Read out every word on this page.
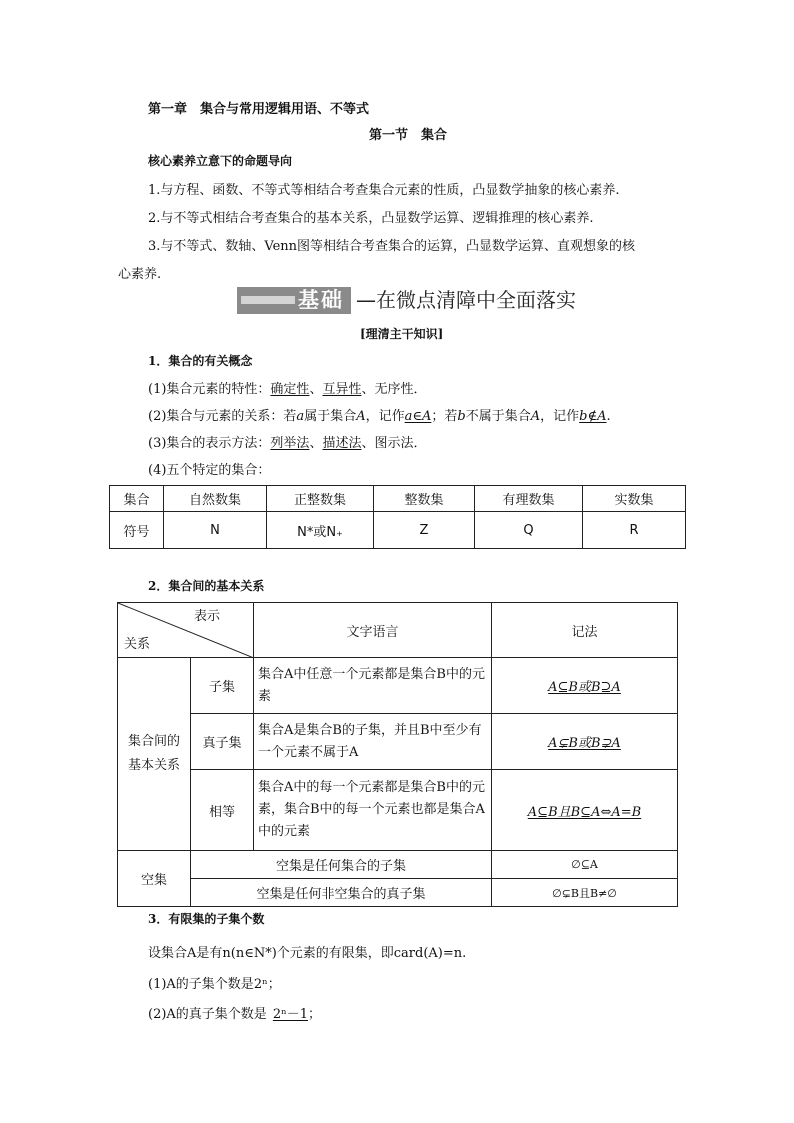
第一章　集合与常用逻辑用语、不等式
第一节　集合
核心素养立意下的命题导向
1.与方程、函数、不等式等相结合考查集合元素的性质，凸显数学抽象的核心素养.
2.与不等式相结合考查集合的基本关系，凸显数学运算、逻辑推理的核心素养.
3.与不等式、数轴、Venn图等相结合考查集合的运算，凸显数学运算、直观想象的核
心素养.
基础 —在微点清障中全面落实
[理清主干知识]
1．集合的有关概念
(1)集合元素的特性：确定性、互异性、无序性．
(2)集合与元素的关系：若a属于集合A，记作a∈A；若b不属于集合A，记作b∉A.
(3)集合的表示方法：列举法、描述法、图示法．
(4)五个特定的集合：
集合	自然数集	正整数集	整数集	有理数集	实数集
符号	N	N*或N₊	Z	Q	R
2．集合间的基本关系
表示
关系		文字语言	记法
集合间的基本关系	子集	集合A中任意一个元素都是集合B中的元素	A⊆B或B⊇A
	真子集	集合A是集合B的子集，并且B中至少有一个元素不属于A	A⊊B或B⊋A
	相等	集合A中的每一个元素都是集合B中的元素，集合B中的每一个元素也都是集合A中的元素	A⊆B且B⊆A⇔A=B
空集	空集是任何集合的子集		∅⊆A
	空集是任何非空集合的真子集		∅⊊B且B≠∅
3．有限集的子集个数
设集合A是有n(n∈N*)个元素的有限集，即card(A)=n.
(1)A的子集个数是2ⁿ；
(2)A的真子集个数是 2ⁿ－1；
